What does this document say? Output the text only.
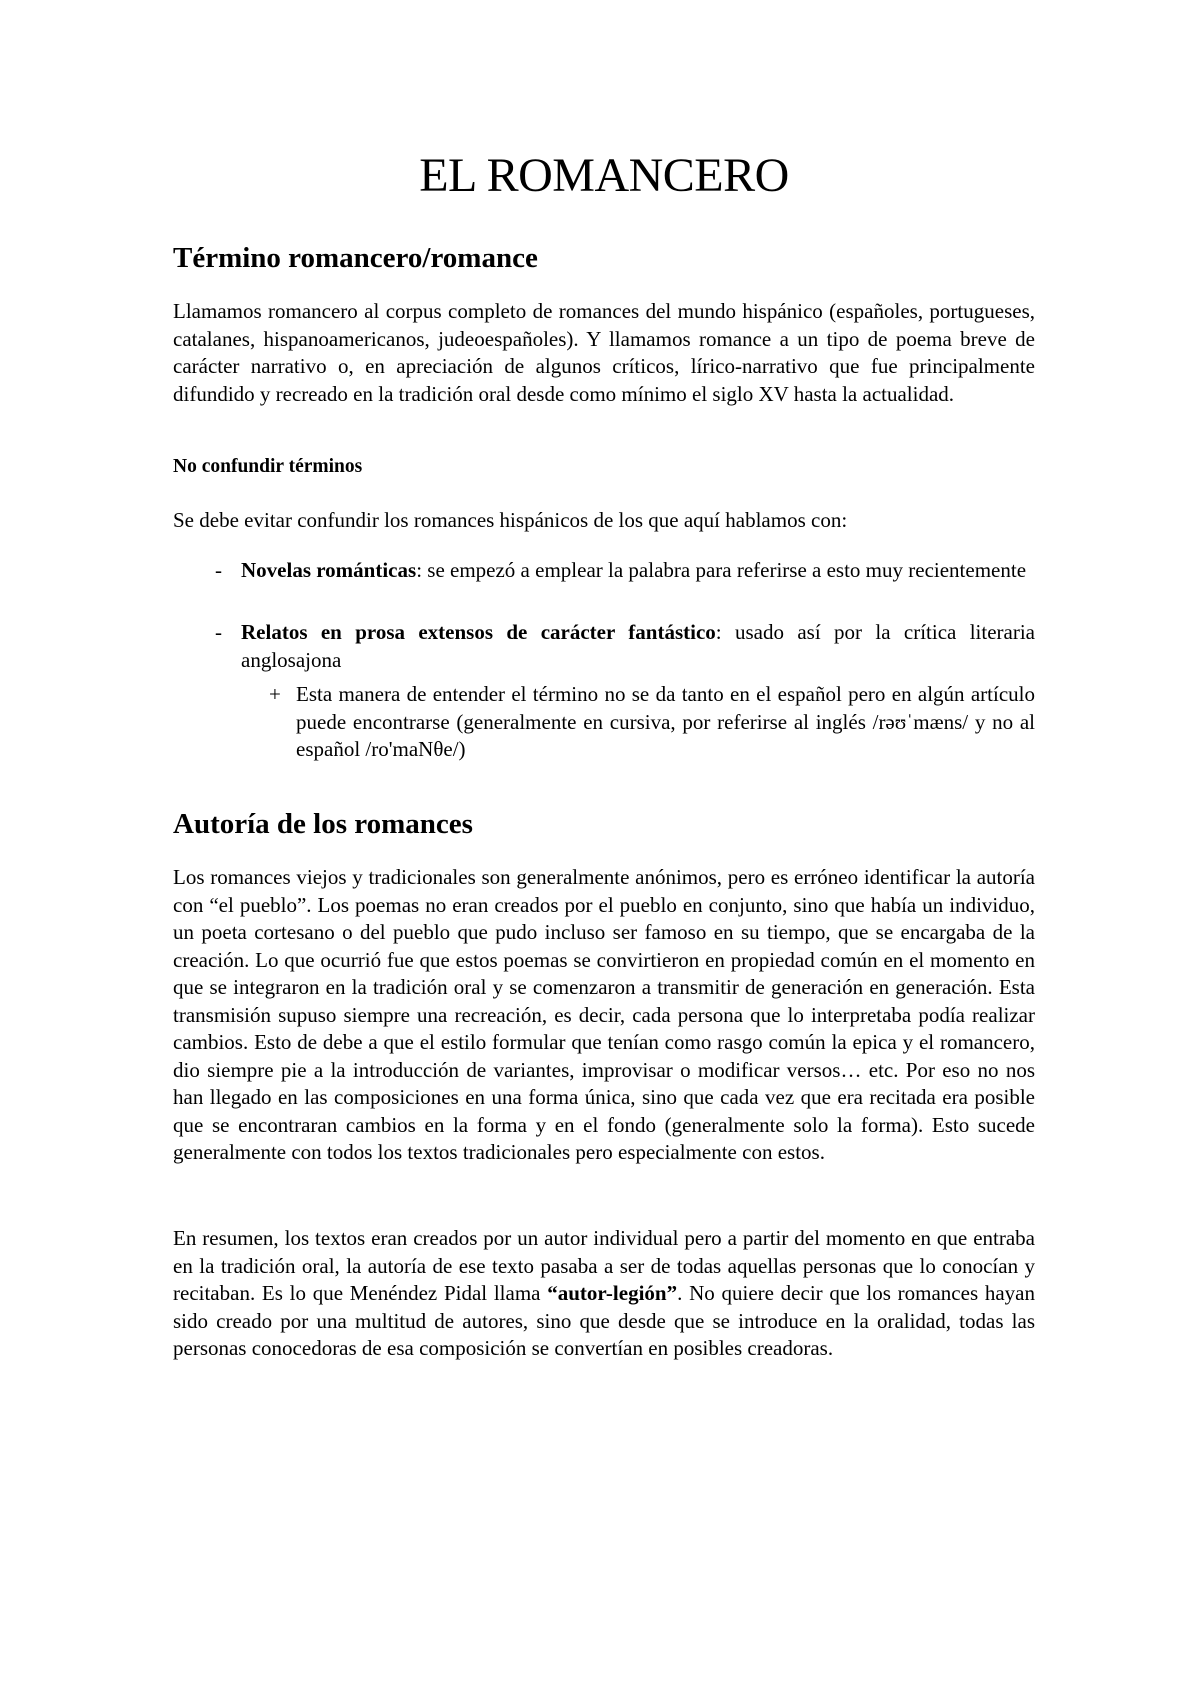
EL ROMANCERO
Término romancero/romance

Llamamos romancero al corpus completo de romances del mundo hispánico (españoles, portugueses, catalanes, hispanoamericanos, judeoespañoles). Y llamamos romance a un tipo de poema breve de carácter narrativo o, en apreciación de algunos críticos, lírico-narrativo que fue principalmente difundido y recreado en la tradición oral desde como mínimo el siglo XV hasta la actualidad.

No confundir términos

Se debe evitar confundir los romances hispánicos de los que aquí hablamos con:

- Novelas románticas: se empezó a emplear la palabra para referirse a esto muy recientemente
- Relatos en prosa extensos de carácter fantástico: usado así por la crítica literaria anglosajona
+ Esta manera de entender el término no se da tanto en el español pero en algún artículo puede encontrarse (generalmente en cursiva, por referirse al inglés /rəʊˈmæns/ y no al español /ro'maNθe/)
Autoría de los romances

Los romances viejos y tradicionales son generalmente anónimos, pero es erróneo identificar la autoría con “el pueblo”. Los poemas no eran creados por el pueblo en conjunto, sino que había un individuo, un poeta cortesano o del pueblo que pudo incluso ser famoso en su tiempo, que se encargaba de la creación. Lo que ocurrió fue que estos poemas se convirtieron en propiedad común en el momento en que se integraron en la tradición oral y se comenzaron a transmitir de generación en generación. Esta transmisión supuso siempre una recreación, es decir, cada persona que lo interpretaba podía realizar cambios. Esto de debe a que el estilo formular que tenían como rasgo común la epica y el romancero, dio siempre pie a la introducción de variantes, improvisar o modificar versos… etc. Por eso no nos han llegado en las composiciones en una forma única, sino que cada vez que era recitada era posible que se encontraran cambios en la forma y en el fondo (generalmente solo la forma). Esto sucede generalmente con todos los textos tradicionales pero especialmente con estos.

En resumen, los textos eran creados por un autor individual pero a partir del momento en que entraba en la tradición oral, la autoría de ese texto pasaba a ser de todas aquellas personas que lo conocían y recitaban. Es lo que Menéndez Pidal llama “autor-legión”. No quiere decir que los romances hayan sido creado por una multitud de autores, sino que desde que se introduce en la oralidad, todas las personas conocedoras de esa composición se convertían en posibles creadoras.
